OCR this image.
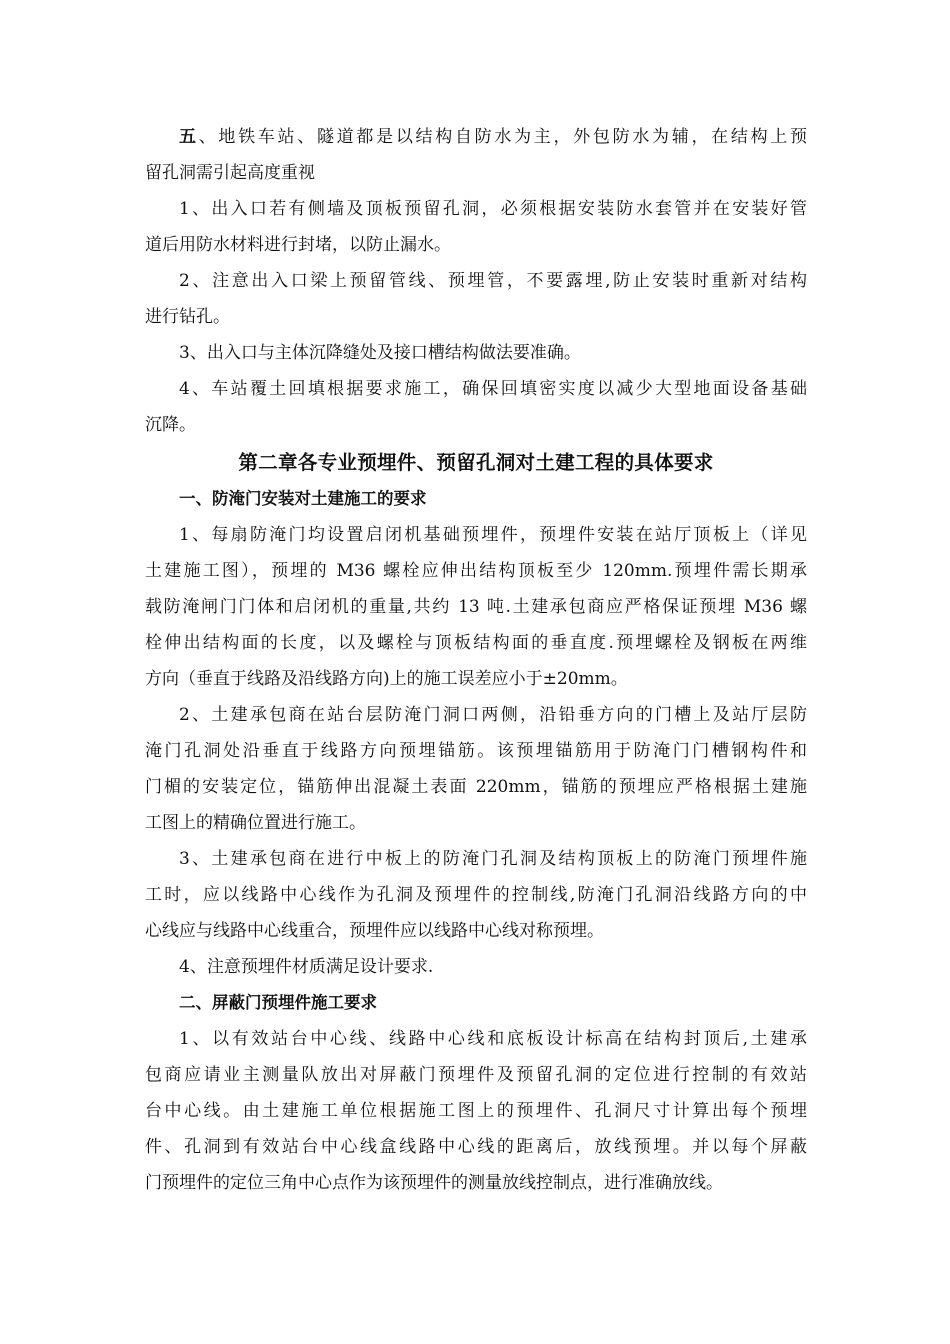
五、地铁车站、隧道都是以结构自防水为主，外包防水为辅，在结构上预
留孔洞需引起高度重视

1、出入口若有侧墙及顶板预留孔洞，必须根据安装防水套管并在安装好管
道后用防水材料进行封堵，以防止漏水。

2、注意出入口梁上预留管线、预埋管，不要露埋,防止安装时重新对结构
进行钻孔。

3、出入口与主体沉降缝处及接口槽结构做法要准确。

4、车站覆土回填根据要求施工，确保回填密实度以减少大型地面设备基础
沉降。

第二章各专业预埋件、预留孔洞对土建工程的具体要求
一、防淹门安装对土建施工的要求

1、每扇防淹门均设置启闭机基础预埋件，预埋件安装在站厅顶板上（详见
土建施工图），预埋的 M36 螺栓应伸出结构顶板至少 120mm.预埋件需长期承
载防淹闸门门体和启闭机的重量,共约 13 吨.土建承包商应严格保证预埋 M36 螺
栓伸出结构面的长度，以及螺栓与顶板结构面的垂直度.预埋螺栓及钢板在两维
方向（垂直于线路及沿线路方向)上的施工误差应小于±20mm。

2、土建承包商在站台层防淹门洞口两侧，沿铅垂方向的门槽上及站厅层防
淹门孔洞处沿垂直于线路方向预埋锚筋。该预埋锚筋用于防淹门门槽钢构件和
门楣的安装定位，锚筋伸出混凝土表面 220mm，锚筋的预埋应严格根据土建施
工图上的精确位置进行施工。

3、土建承包商在进行中板上的防淹门孔洞及结构顶板上的防淹门预埋件施
工时，应以线路中心线作为孔洞及预埋件的控制线,防淹门孔洞沿线路方向的中
心线应与线路中心线重合，预埋件应以线路中心线对称预埋。

4、注意预埋件材质满足设计要求.

二、屏蔽门预埋件施工要求

1、以有效站台中心线、线路中心线和底板设计标高在结构封顶后,土建承
包商应请业主测量队放出对屏蔽门预埋件及预留孔洞的定位进行控制的有效站
台中心线。由土建施工单位根据施工图上的预埋件、孔洞尺寸计算出每个预埋
件、孔洞到有效站台中心线盒线路中心线的距离后，放线预埋。并以每个屏蔽
门预埋件的定位三角中心点作为该预埋件的测量放线控制点，进行准确放线。
